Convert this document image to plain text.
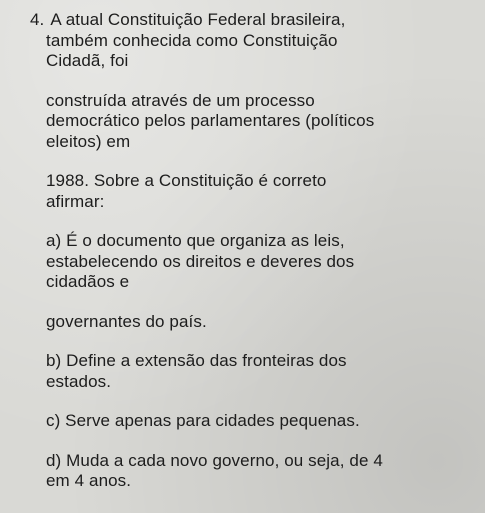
4. A atual Constituição Federal brasileira,

também conhecida como Constituição

Cidadã, foi

construída através de um processo

democrático pelos parlamentares (políticos

eleitos) em

1988. Sobre a Constituição é correto

afirmar:

a) É o documento que organiza as leis,

estabelecendo os direitos e deveres dos

cidadãos e

governantes do país.

b) Define a extensão das fronteiras dos

estados.

c) Serve apenas para cidades pequenas.

d) Muda a cada novo governo, ou seja, de 4

em 4 anos.
